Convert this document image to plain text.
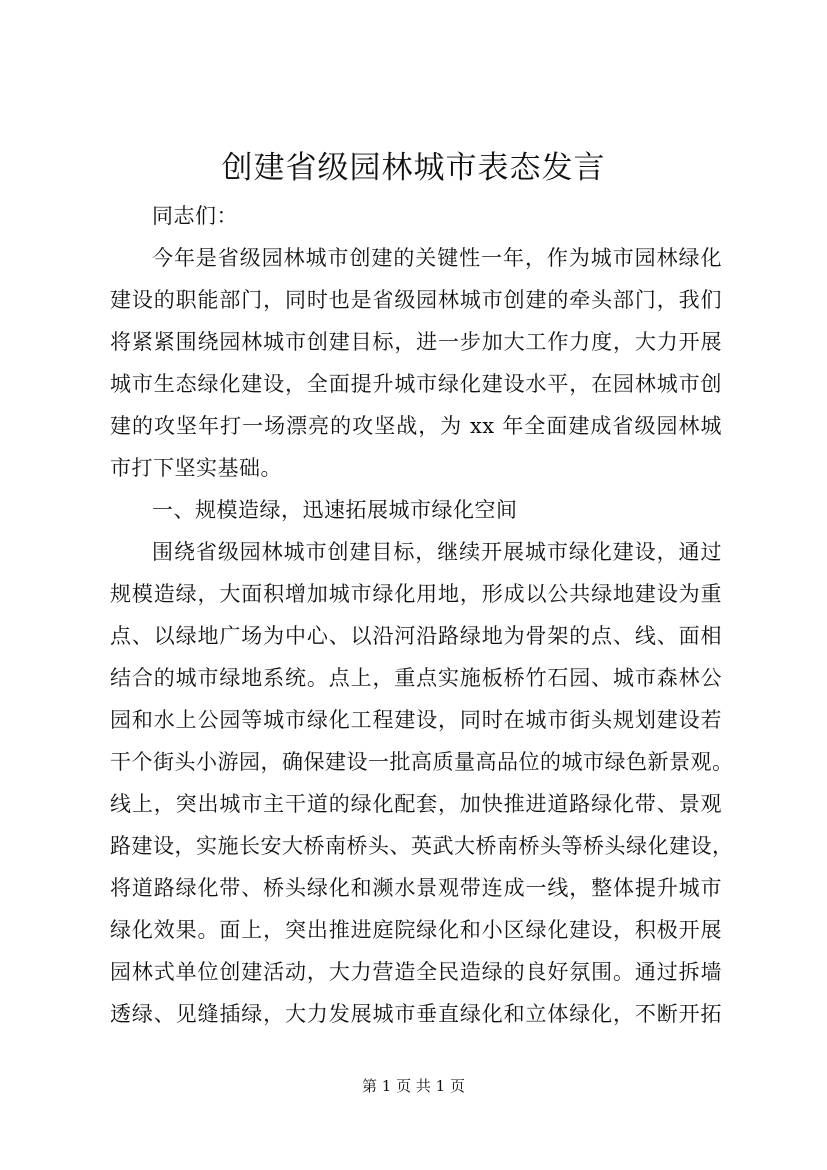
创建省级园林城市表态发言
同志们：
今年是省级园林城市创建的关键性一年，作为城市园林绿化
建设的职能部门，同时也是省级园林城市创建的牵头部门，我们
将紧紧围绕园林城市创建目标，进一步加大工作力度，大力开展
城市生态绿化建设，全面提升城市绿化建设水平，在园林城市创
建的攻坚年打一场漂亮的攻坚战，为 xx 年全面建成省级园林城
市打下坚实基础。
一、规模造绿，迅速拓展城市绿化空间
围绕省级园林城市创建目标，继续开展城市绿化建设，通过
规模造绿，大面积增加城市绿化用地，形成以公共绿地建设为重
点、以绿地广场为中心、以沿河沿路绿地为骨架的点、线、面相
结合的城市绿地系统。点上，重点实施板桥竹石园、城市森林公
园和水上公园等城市绿化工程建设，同时在城市街头规划建设若
干个街头小游园，确保建设一批高质量高品位的城市绿色新景观。
线上，突出城市主干道的绿化配套，加快推进道路绿化带、景观
路建设，实施长安大桥南桥头、英武大桥南桥头等桥头绿化建设，
将道路绿化带、桥头绿化和濒水景观带连成一线，整体提升城市
绿化效果。面上，突出推进庭院绿化和小区绿化建设，积极开展
园林式单位创建活动，大力营造全民造绿的良好氛围。通过拆墙
透绿、见缝插绿，大力发展城市垂直绿化和立体绿化，不断开拓
第 1 页 共 1 页
